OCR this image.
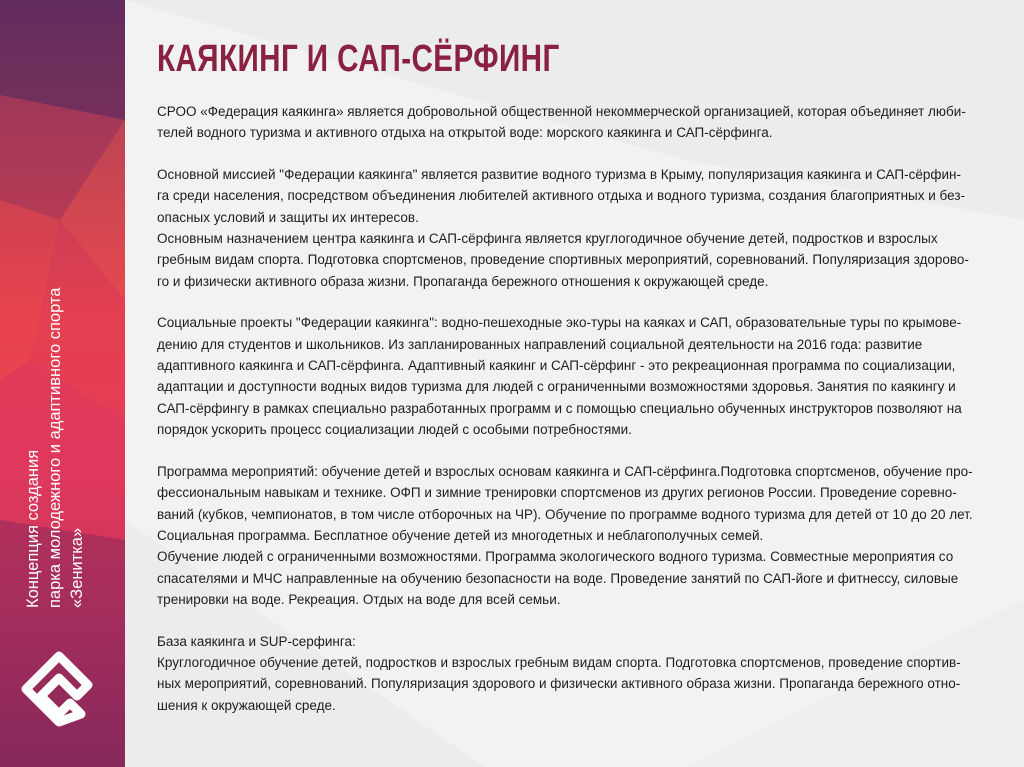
Концепция создания парка молодежного и адаптивного спорта «Зенитка»
КАЯКИНГ И САП-СЁРФИНГ

СРОО «Федерация каякинга» является добровольной общественной некоммерческой организацией, которая объединяет люби-
телей водного туризма и активного отдыха на открытой воде: морского каякинга и САП-сёрфинга.

Основной миссией "Федерации каякинга" является развитие водного туризма в Крыму, популяризация каякинга и САП-сёрфин-
га среди населения, посредством объединения любителей активного отдыха и водного туризма, создания благоприятных и без-
опасных условий и защиты их интересов.

Основным назначением центра каякинга и САП-сёрфинга является круглогодичное обучение детей, подростков и взрослых
гребным видам спорта. Подготовка спортсменов, проведение спортивных мероприятий, соревнований. Популяризация здорово-
го и физически активного образа жизни. Пропаганда бережного отношения к окружающей среде.

Социальные проекты "Федерации каякинга": водно-пешеходные эко-туры на каяках и САП, образовательные туры по крымове-
дению для студентов и школьников. Из запланированных направлений социальной деятельности на 2016 года: развитие
адаптивного каякинга и САП-сёрфинга. Адаптивный каякинг и САП-сёрфинг - это рекреационная программа по социализации,
адаптации и доступности водных видов туризма для людей с ограниченными возможностями здоровья. Занятия по каякингу и
САП-сёрфингу в рамках специально разработанных программ и с помощью специально обученных инструкторов позволяют на
порядок ускорить процесс социализации людей с особыми потребностями.

Программа мероприятий: обучение детей и взрослых основам каякинга и САП-сёрфинга.Подготовка спортсменов, обучение про-
фессиональным навыкам и технике. ОФП и зимние тренировки спортсменов из других регионов России. Проведение соревно-
ваний (кубков, чемпионатов, в том числе отборочных на ЧР). Обучение по программе водного туризма для детей от 10 до 20 лет.
Социальная программа. Бесплатное обучение детей из многодетных и неблагополучных семей.
Обучение людей с ограниченными возможностями. Программа экологического водного туризма. Совместные мероприятия со
спасателями и МЧС направленные на обучению безопасности на воде. Проведение занятий по САП-йоге и фитнессу, силовые
тренировки на воде. Рекреация. Отдых на воде для всей семьи.

База каякинга и SUP-серфинга:
Круглогодичное обучение детей, подростков и взрослых гребным видам спорта. Подготовка спортсменов, проведение спортив-
ных мероприятий, соревнований. Популяризация здорового и физически активного образа жизни. Пропаганда бережного отно-
шения к окружающей среде.
